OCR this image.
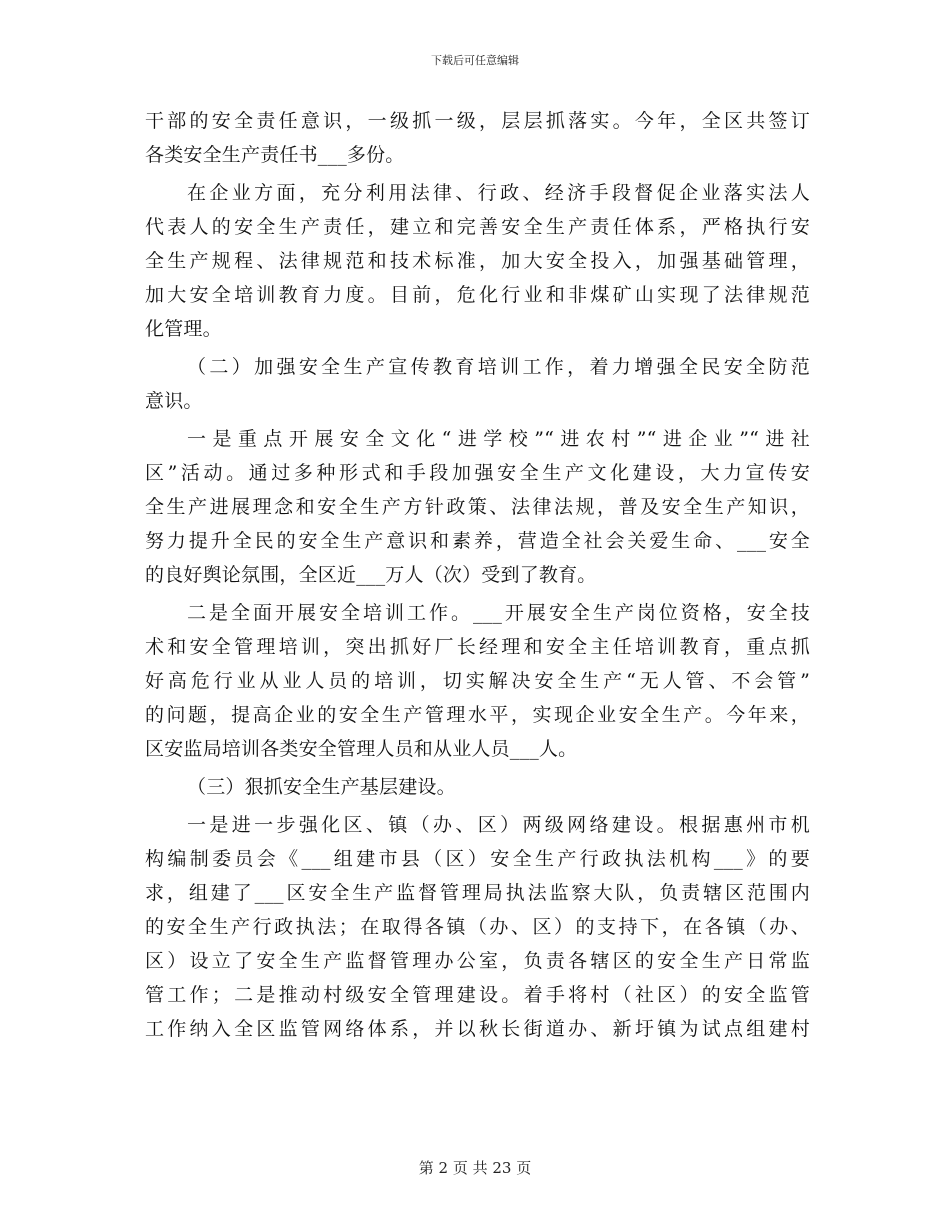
下载后可任意编辑
干部的安全责任意识，一级抓一级，层层抓落实。今年，全区共签订
各类安全生产责任书___多份。
在企业方面，充分利用法律、行政、经济手段督促企业落实法人
代表人的安全生产责任，建立和完善安全生产责任体系，严格执行安
全生产规程、法律规范和技术标准，加大安全投入，加强基础管理，
加大安全培训教育力度。目前，危化行业和非煤矿山实现了法律规范
化管理。
（二）加强安全生产宣传教育培训工作，着力增强全民安全防范
意识。
一是重点开展安全文化“进学校”“进农村”“进企业”“进社
区”活动。通过多种形式和手段加强安全生产文化建设，大力宣传安
全生产进展理念和安全生产方针政策、法律法规，普及安全生产知识，
努力提升全民的安全生产意识和素养，营造全社会关爱生命、___安全
的良好舆论氛围，全区近___万人（次）受到了教育。
二是全面开展安全培训工作。___开展安全生产岗位资格，安全技
术和安全管理培训，突出抓好厂长经理和安全主任培训教育，重点抓
好高危行业从业人员的培训，切实解决安全生产“无人管、不会管”
的问题，提高企业的安全生产管理水平，实现企业安全生产。今年来，
区安监局培训各类安全管理人员和从业人员___人。
（三）狠抓安全生产基层建设。
一是进一步强化区、镇（办、区）两级网络建设。根据惠州市机
构编制委员会《___组建市县（区）安全生产行政执法机构___》的要
求，组建了___区安全生产监督管理局执法监察大队，负责辖区范围内
的安全生产行政执法；在取得各镇（办、区）的支持下，在各镇（办、
区）设立了安全生产监督管理办公室，负责各辖区的安全生产日常监
管工作；二是推动村级安全管理建设。着手将村（社区）的安全监管
工作纳入全区监管网络体系，并以秋长街道办、新圩镇为试点组建村
第 2 页 共 23 页
